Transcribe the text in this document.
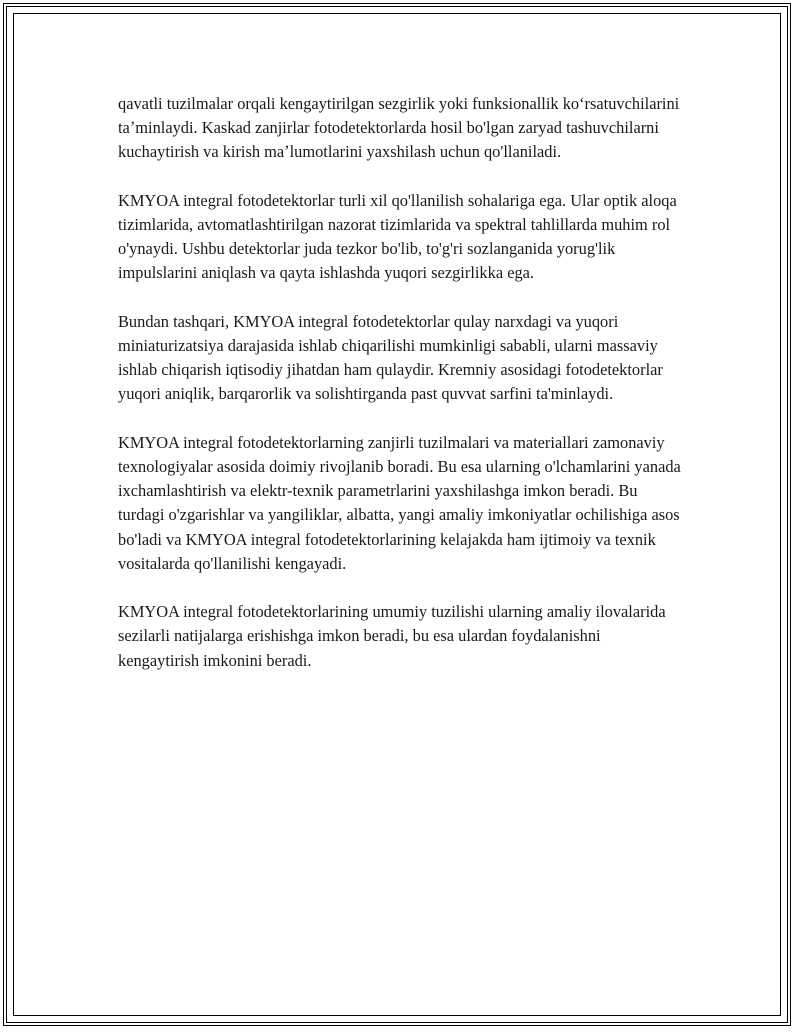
qavatli tuzilmalar orqali kengaytirilgan sezgirlik yoki funksionallik koʻrsatuvchilarini taʼminlaydi. Kaskad zanjirlar fotodetektorlarda hosil bo'lgan zaryad tashuvchilarni kuchaytirish va kirish maʼlumotlarini yaxshilash uchun qo'llaniladi.

KMYOA integral fotodetektorlar turli xil qo'llanilish sohalariga ega. Ular optik aloqa tizimlarida, avtomatlashtirilgan nazorat tizimlarida va spektral tahlillarda muhim rol o'ynaydi. Ushbu detektorlar juda tezkor bo'lib, to'g'ri sozlanganida yorug'lik impulslarini aniqlash va qayta ishlashda yuqori sezgirlikka ega.

Bundan tashqari, KMYOA integral fotodetektorlar qulay narxdagi va yuqori miniaturizatsiya darajasida ishlab chiqarilishi mumkinligi sababli, ularni massaviy ishlab chiqarish iqtisodiy jihatdan ham qulaydir. Kremniy asosidagi fotodetektorlar yuqori aniqlik, barqarorlik va solishtirganda past quvvat sarfini ta'minlaydi.

KMYOA integral fotodetektorlarning zanjirli tuzilmalari va materiallari zamonaviy texnologiyalar asosida doimiy rivojlanib boradi. Bu esa ularning o'lchamlarini yanada ixchamlashtirish va elektr-texnik parametrlarini yaxshilashga imkon beradi. Bu turdagi o'zgarishlar va yangiliklar, albatta, yangi amaliy imkoniyatlar ochilishiga asos bo'ladi va KMYOA integral fotodetektorlarining kelajakda ham ijtimoiy va texnik vositalarda qo'llanilishi kengayadi.

KMYOA integral fotodetektorlarining umumiy tuzilishi ularning amaliy ilovalarida sezilarli natijalarga erishishga imkon beradi, bu esa ulardan foydalanishni kengaytirish imkonini beradi.
